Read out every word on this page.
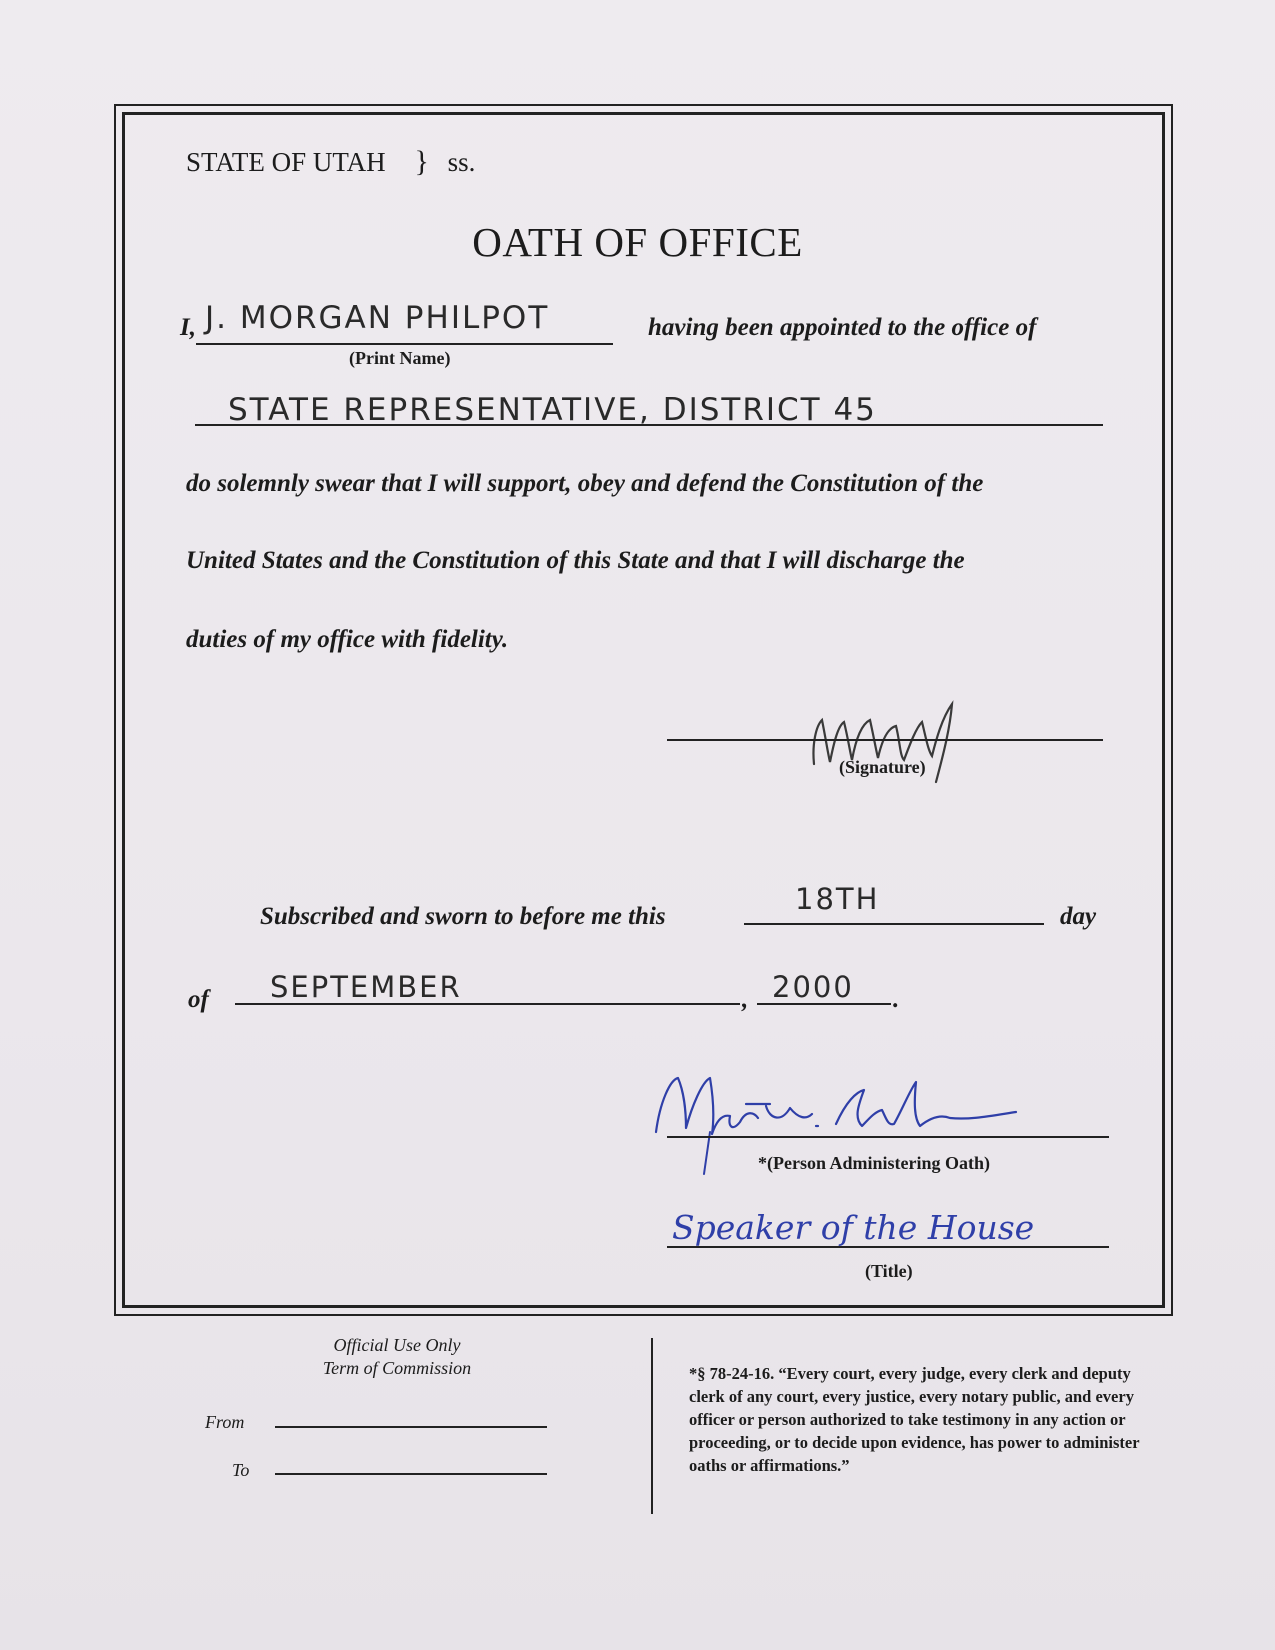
STATE OF UTAH } ss.
OATH OF OFFICE
I, J. MORGAN PHILPOT
(Print Name)
having been appointed to the office of
STATE REPRESENTATIVE, DISTRICT 45
do solemnly swear that I will support, obey and defend the Constitution of the
United States and the Constitution of this State and that I will discharge the
duties of my office with fidelity.
(Signature)
Subscribed and sworn to before me this
18TH
day
of SEPTEMBER	, 2000 .
*(Person Administering Oath)
Speaker of the House
(Title)
Official Use Only
Term of Commission
From
To
*§ 78-24-16. “Every court, every judge, every clerk and deputy clerk of any court, every justice, every notary public, and every officer or person authorized to take testimony in any action or proceeding, or to decide upon evidence, has power to administer oaths or affirmations.”
